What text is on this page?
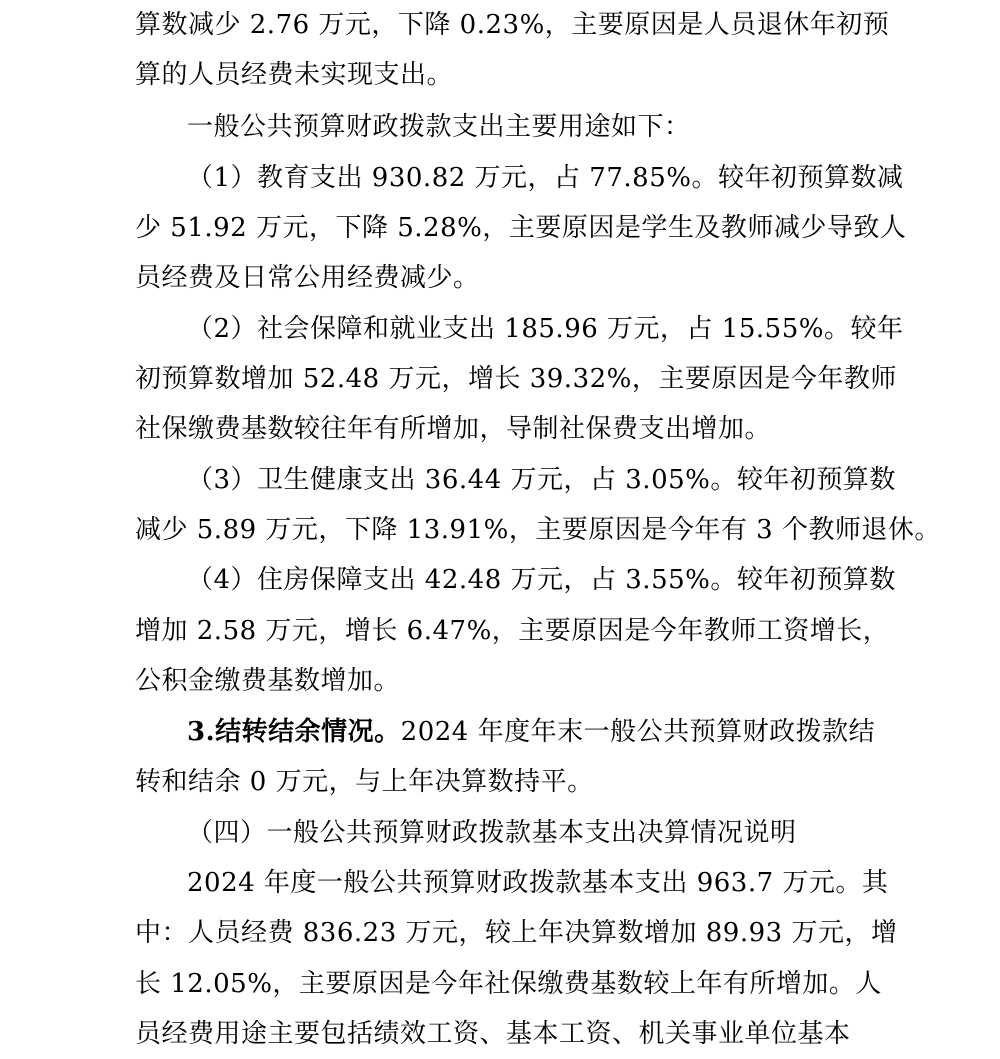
算数减少 2.76 万元，下降 0.23%，主要原因是人员退休年初预
算的人员经费未实现支出。
一般公共预算财政拨款支出主要用途如下：
（1）教育支出 930.82 万元，占 77.85%。较年初预算数减
少 51.92 万元，下降 5.28%，主要原因是学生及教师减少导致人
员经费及日常公用经费减少。
（2）社会保障和就业支出 185.96 万元，占 15.55%。较年
初预算数增加 52.48 万元，增长 39.32%，主要原因是今年教师
社保缴费基数较往年有所增加，导制社保费支出增加。
（3）卫生健康支出 36.44 万元，占 3.05%。较年初预算数
减少 5.89 万元，下降 13.91%，主要原因是今年有 3 个教师退休。
（4）住房保障支出 42.48 万元，占 3.55%。较年初预算数
增加 2.58 万元，增长 6.47%，主要原因是今年教师工资增长，
公积金缴费基数增加。
3.结转结余情况。2024 年度年末一般公共预算财政拨款结
转和结余 0 万元，与上年决算数持平。
（四）一般公共预算财政拨款基本支出决算情况说明
2024 年度一般公共预算财政拨款基本支出 963.7 万元。其
中：人员经费 836.23 万元，较上年决算数增加 89.93 万元，增
长 12.05%，主要原因是今年社保缴费基数较上年有所增加。人
员经费用途主要包括绩效工资、基本工资、机关事业单位基本
